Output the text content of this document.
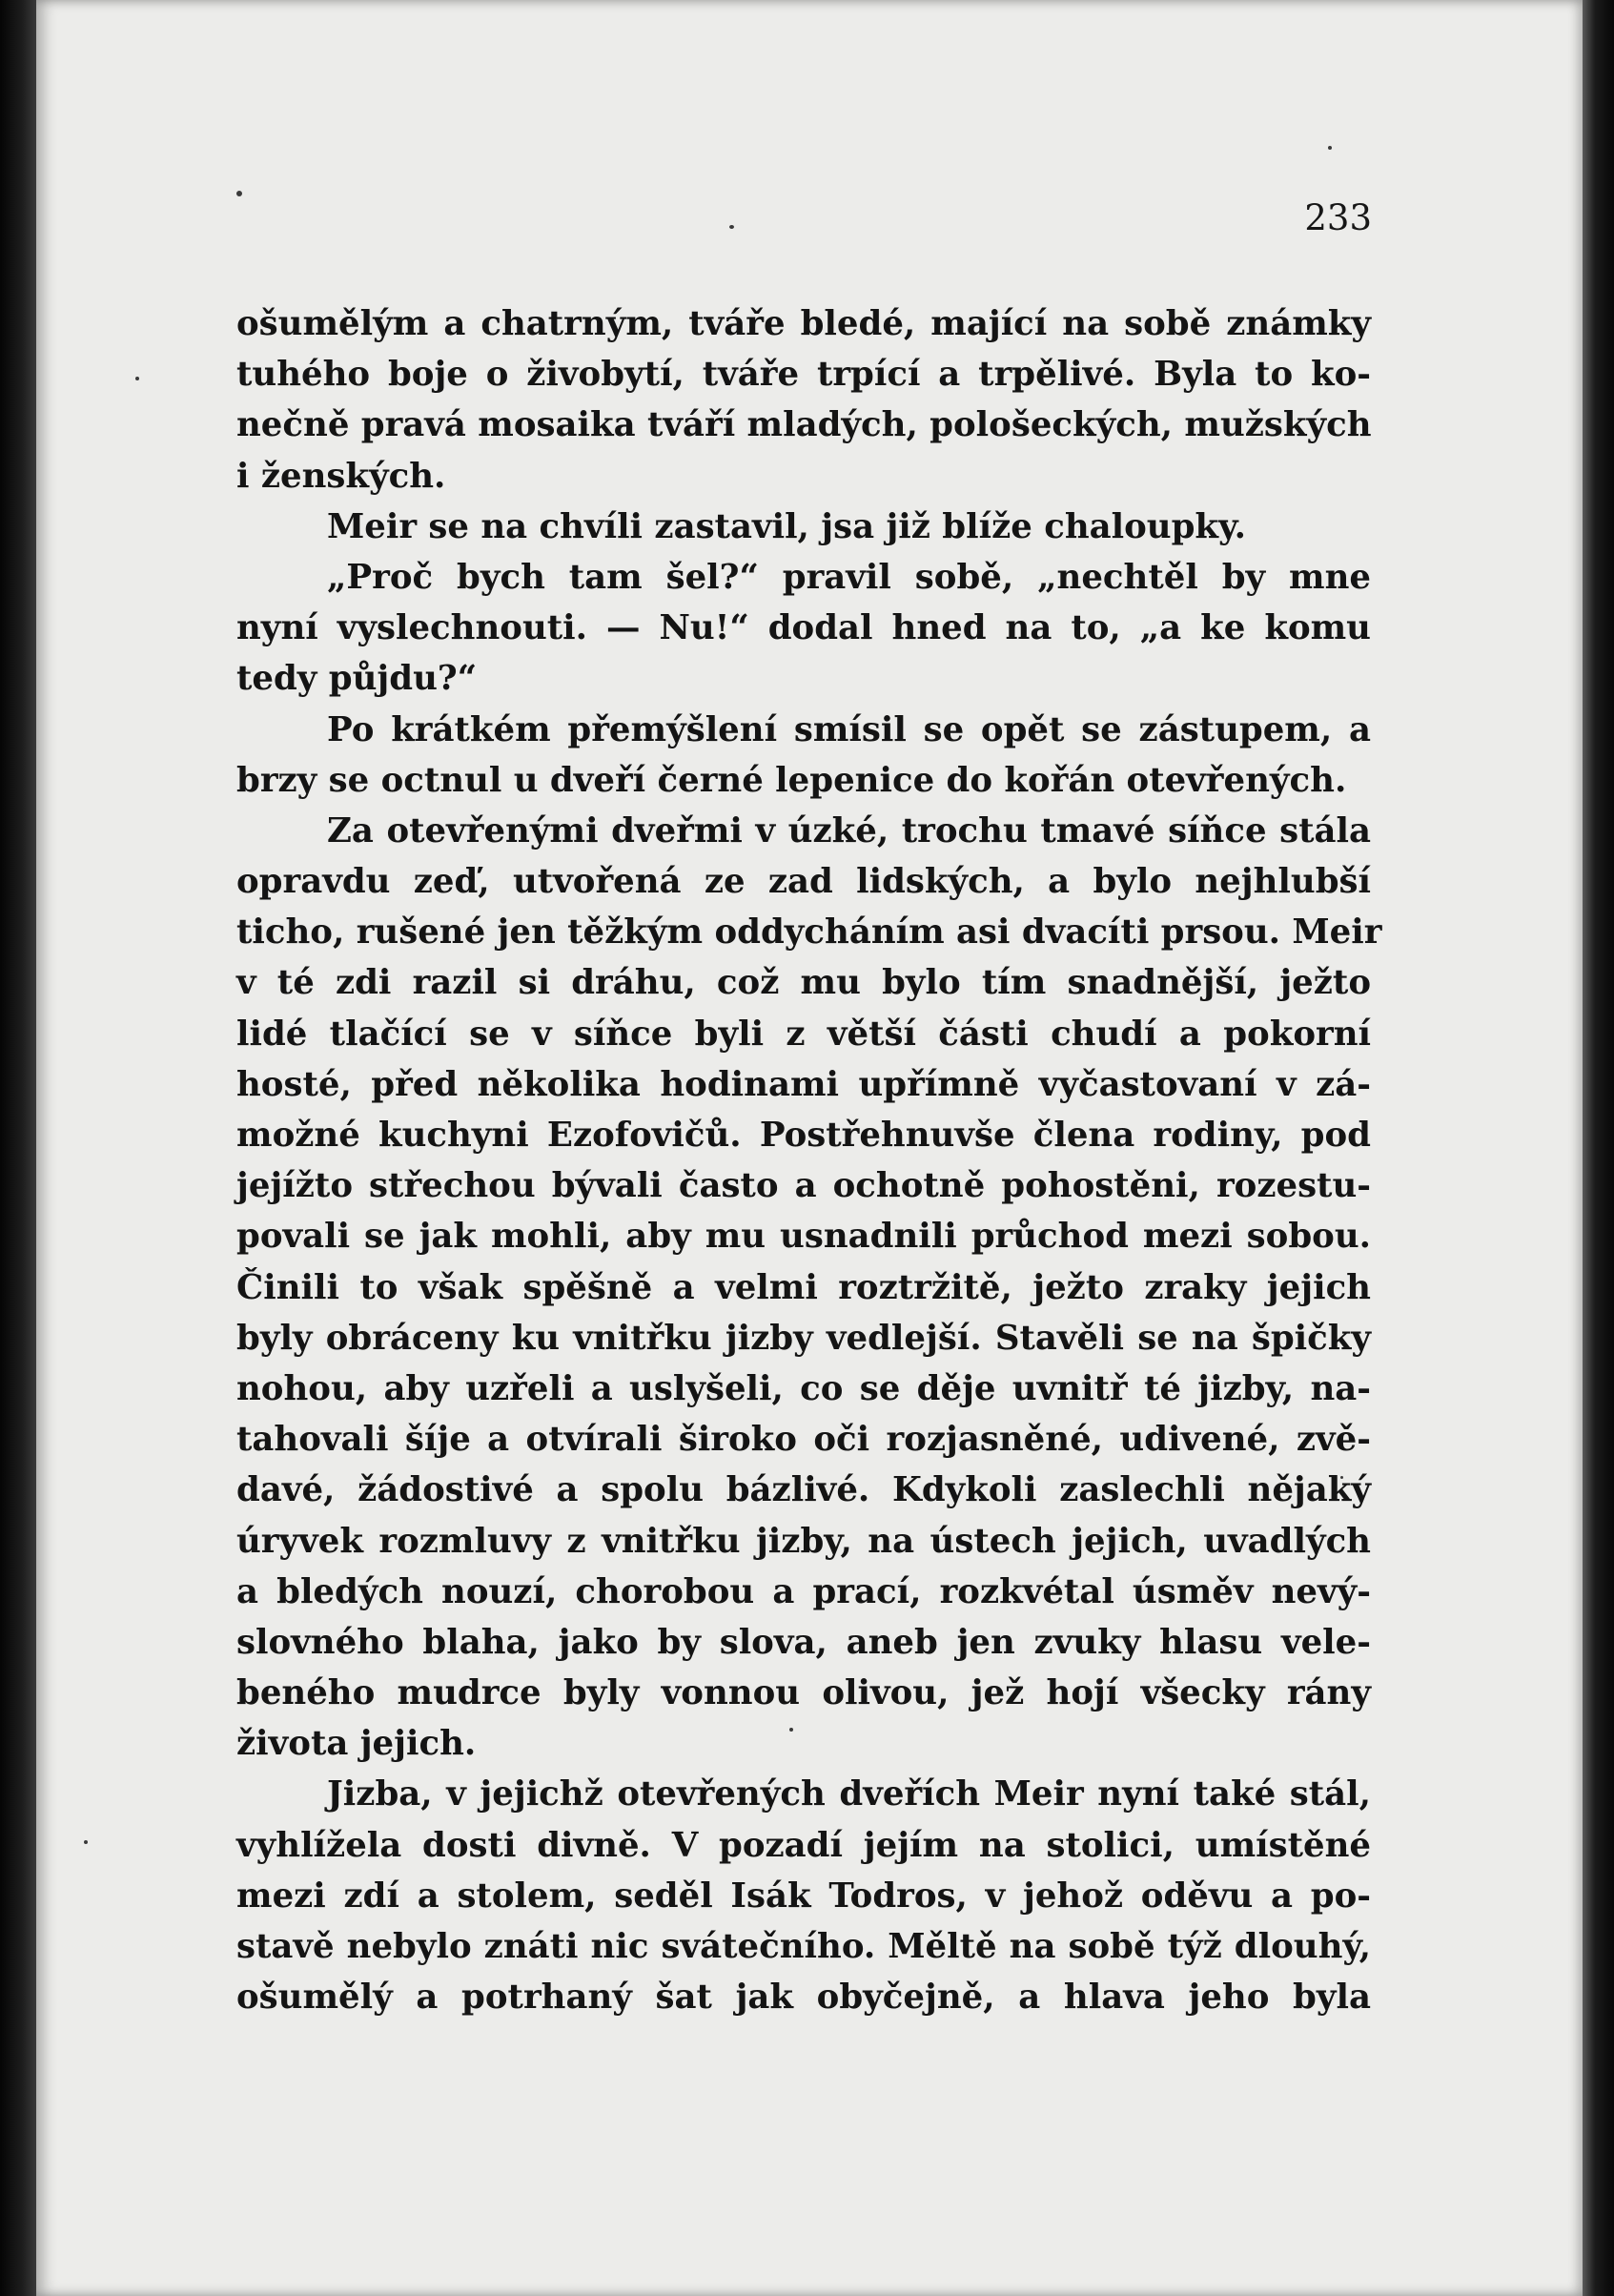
233
ošumělým a chatrným, tváře bledé, mající na sobě známky
tuhého boje o živobytí, tváře trpící a trpělivé. Byla to ko-
nečně pravá mosaika tváří mladých, pološeckých, mužských
i ženských.
Meir se na chvíli zastavil, jsa již blíže chaloupky.
„Proč bych tam šel?“ pravil sobě, „nechtěl by mne
nyní vyslechnouti. — Nu!“ dodal hned na to, „a ke komu
tedy půjdu?“
Po krátkém přemýšlení smísil se opět se zástupem, a
brzy se octnul u dveří černé lepenice do kořán otevřených.
Za otevřenými dveřmi v úzké, trochu tmavé síňce stála
opravdu zeď, utvořená ze zad lidských, a bylo nejhlubší
ticho, rušené jen těžkým oddycháním asi dvacíti prsou. Meir
v té zdi razil si dráhu, což mu bylo tím snadnější, ježto
lidé tlačící se v síňce byli z větší části chudí a pokorní
hosté, před několika hodinami upřímně vyčastovaní v zá-
možné kuchyni Ezofovičů. Postřehnuvše člena rodiny, pod
jejížto střechou bývali často a ochotně pohostěni, rozestu-
povali se jak mohli, aby mu usnadnili průchod mezi sobou.
Činili to však spěšně a velmi roztržitě, ježto zraky jejich
byly obráceny ku vnitřku jizby vedlejší. Stavěli se na špičky
nohou, aby uzřeli a uslyšeli, co se děje uvnitř té jizby, na-
tahovali šíje a otvírali široko oči rozjasněné, udivené, zvě-
davé, žádostivé a spolu bázlivé. Kdykoli zaslechli nějaký
úryvek rozmluvy z vnitřku jizby, na ústech jejich, uvadlých
a bledých nouzí, chorobou a prací, rozkvétal úsměv nevý-
slovného blaha, jako by slova, aneb jen zvuky hlasu vele-
beného mudrce byly vonnou olivou, jež hojí všecky rány
života jejich.
Jizba, v jejichž otevřených dveřích Meir nyní také stál,
vyhlížela dosti divně. V pozadí jejím na stolici, umístěné
mezi zdí a stolem, seděl Isák Todros, v jehož oděvu a po-
stavě nebylo znáti nic svátečního. Měltě na sobě týž dlouhý,
ošumělý a potrhaný šat jak obyčejně, a hlava jeho byla
